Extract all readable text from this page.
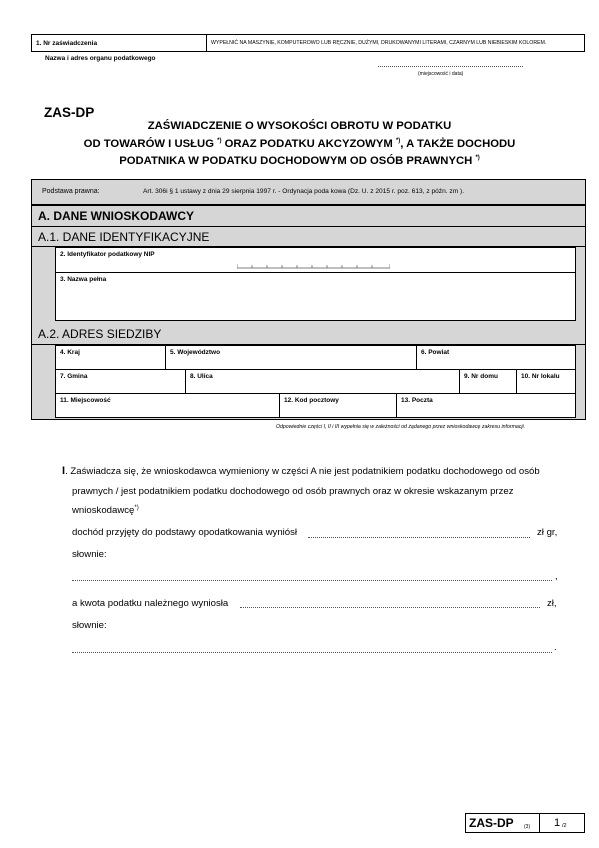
1. Nr zaświadczenia	WYPEŁNIĆ NA MASZYNIE, KOMPUTEROWO LUB RĘCZNIE, DUŻYMI, DRUKOWANYMI LITERAMI, CZARNYM LUB NIEBIESKIM KOLOREM.
Nazwa i adres organu podatkowego
(miejscowość i data)
ZAS-DP
ZAŚWIADCZENIE O WYSOKOŚCI OBROTU W PODATKU
OD TOWARÓW I USŁUG *) ORAZ PODATKU AKCYZOWYM *), A TAKŻE DOCHODU
PODATNIKA W PODATKU DOCHODOWYM OD OSÓB PRAWNYCH *)
Podstawa prawna:	Art. 306i § 1 ustawy z dnia 29 sierpnia 1997 r. - Ordynacja poda kowa (Dz. U. z 2015 r. poz. 613, z późn. zm ).
A. DANE WNIOSKODAWCY
A.1. DANE IDENTYFIKACYJNE
2. Identyfikator podatkowy NIP
3. Nazwa pełna
A.2. ADRES SIEDZIBY
4. Kraj	5. Województwo	6. Powiat
7. Gmina	8. Ulica	9. Nr domu	10. Nr lokalu
11. Miejscowość	12. Kod pocztowy	13. Poczta
Odpowiednie części I, II i III wypełnia się w zależności od żądanego przez wnioskodawcę zakresu informacji.
I. Zaświadcza się, że wnioskodawca wymieniony w części A nie jest podatnikiem podatku dochodowego od osób
prawnych / jest podatnikiem podatku dochodowego od osób prawnych oraz w okresie wskazanym przez
wnioskodawcę*)
dochód przyjęty do podstawy opodatkowania wyniósł	zł gr,
słownie:
,
a kwota podatku należnego wyniosła	zł,
słownie:
.
ZAS-DP (3) 1 /2
